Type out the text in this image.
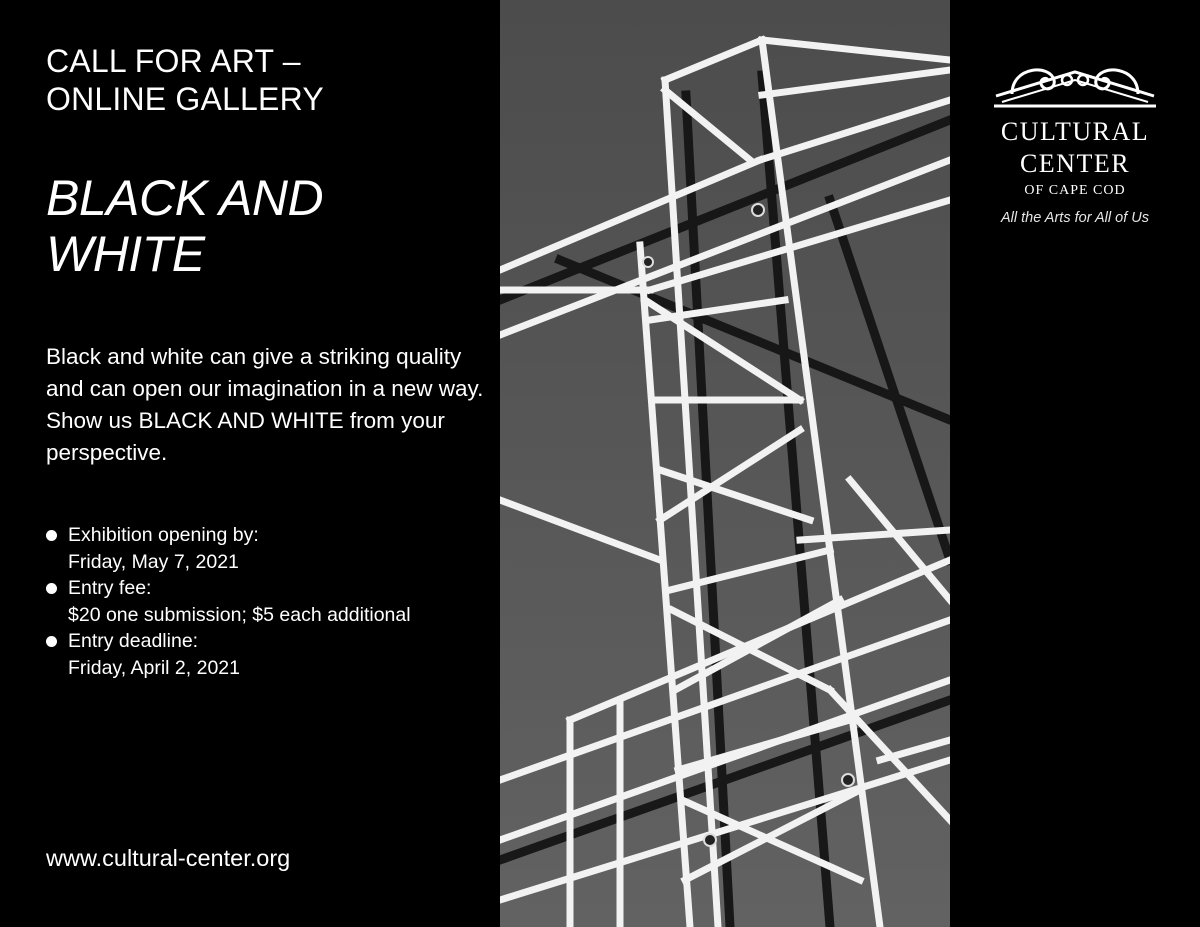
CALL FOR ART –
ONLINE GALLERY
BLACK AND
WHITE

Black and white can give a striking quality and can open our imagination in a new way. Show us BLACK AND WHITE from your perspective.

Exhibition opening by:
Friday, May 7, 2021
Entry fee:
$20 one submission; $5 each additional
Entry deadline:
Friday, April 2, 2021
www.cultural-center.org
CULTURAL
CENTER
OF CAPE COD
All the Arts for All of Us
